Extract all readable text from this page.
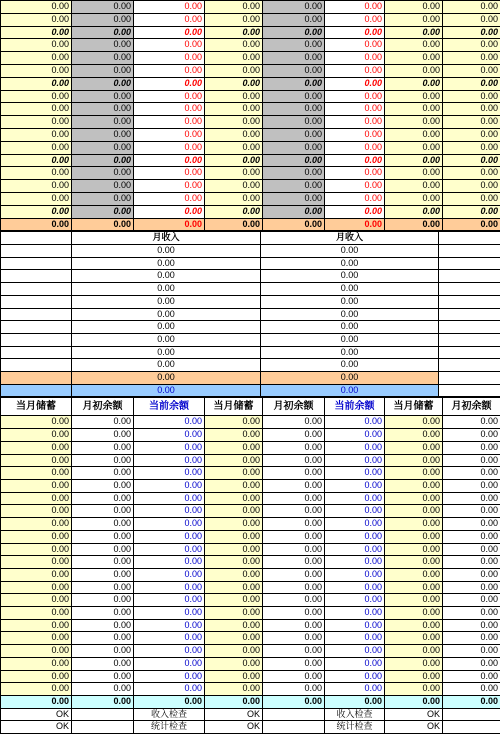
0.00	0.00	0.00	0.00	0.00	0.00	0.00	0.00
0.00	0.00	0.00	0.00	0.00	0.00	0.00	0.00
0.00	0.00	0.00	0.00	0.00	0.00	0.00	0.00
0.00	0.00	0.00	0.00	0.00	0.00	0.00	0.00
0.00	0.00	0.00	0.00	0.00	0.00	0.00	0.00
0.00	0.00	0.00	0.00	0.00	0.00	0.00	0.00
0.00	0.00	0.00	0.00	0.00	0.00	0.00	0.00
0.00	0.00	0.00	0.00	0.00	0.00	0.00	0.00
0.00	0.00	0.00	0.00	0.00	0.00	0.00	0.00
0.00	0.00	0.00	0.00	0.00	0.00	0.00	0.00
0.00	0.00	0.00	0.00	0.00	0.00	0.00	0.00
0.00	0.00	0.00	0.00	0.00	0.00	0.00	0.00
0.00	0.00	0.00	0.00	0.00	0.00	0.00	0.00
0.00	0.00	0.00	0.00	0.00	0.00	0.00	0.00
0.00	0.00	0.00	0.00	0.00	0.00	0.00	0.00
0.00	0.00	0.00	0.00	0.00	0.00	0.00	0.00
0.00	0.00	0.00	0.00	0.00	0.00	0.00	0.00
0.00	0.00	0.00	0.00	0.00	0.00	0.00	0.00
	月收入	月收入	
	0.00	0.00	
	0.00	0.00	
	0.00	0.00	
	0.00	0.00	
	0.00	0.00	
	0.00	0.00	
	0.00	0.00	
	0.00	0.00	
	0.00	0.00	
	0.00	0.00	
	0.00	0.00	
	0.00	0.00	
当月储蓄	月初余额	当前余额	当月储蓄	月初余额	当前余额	当月储蓄	月初余额
0.00	0.00	0.00	0.00	0.00	0.00	0.00	0.00
0.00	0.00	0.00	0.00	0.00	0.00	0.00	0.00
0.00	0.00	0.00	0.00	0.00	0.00	0.00	0.00
0.00	0.00	0.00	0.00	0.00	0.00	0.00	0.00
0.00	0.00	0.00	0.00	0.00	0.00	0.00	0.00
0.00	0.00	0.00	0.00	0.00	0.00	0.00	0.00
0.00	0.00	0.00	0.00	0.00	0.00	0.00	0.00
0.00	0.00	0.00	0.00	0.00	0.00	0.00	0.00
0.00	0.00	0.00	0.00	0.00	0.00	0.00	0.00
0.00	0.00	0.00	0.00	0.00	0.00	0.00	0.00
0.00	0.00	0.00	0.00	0.00	0.00	0.00	0.00
0.00	0.00	0.00	0.00	0.00	0.00	0.00	0.00
0.00	0.00	0.00	0.00	0.00	0.00	0.00	0.00
0.00	0.00	0.00	0.00	0.00	0.00	0.00	0.00
0.00	0.00	0.00	0.00	0.00	0.00	0.00	0.00
0.00	0.00	0.00	0.00	0.00	0.00	0.00	0.00
0.00	0.00	0.00	0.00	0.00	0.00	0.00	0.00
0.00	0.00	0.00	0.00	0.00	0.00	0.00	0.00
0.00	0.00	0.00	0.00	0.00	0.00	0.00	0.00
0.00	0.00	0.00	0.00	0.00	0.00	0.00	0.00
0.00	0.00	0.00	0.00	0.00	0.00	0.00	0.00
0.00	0.00	0.00	0.00	0.00	0.00	0.00	0.00
0.00	0.00	0.00	0.00	0.00	0.00	0.00	0.00
OK		收入检查	OK		收入检查	OK	
OK		统计检查	OK		统计检查	OK	
